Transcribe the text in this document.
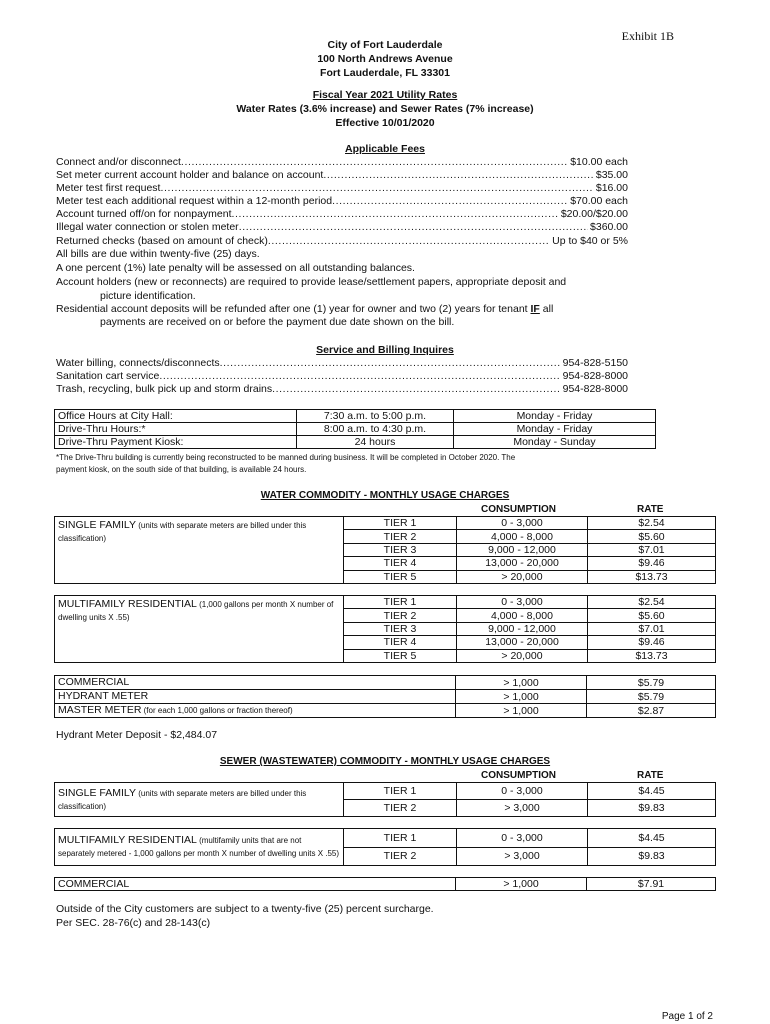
Exhibit 1B
City of Fort Lauderdale
100 North Andrews Avenue
Fort Lauderdale, FL 33301
Fiscal Year 2021 Utility Rates
Water Rates (3.6% increase) and Sewer Rates (7% increase)
Effective 10/01/2020
Applicable Fees
Connect and/or disconnect .....	$10.00 each
Set meter current account holder and balance on account .....	$35.00
Meter test first request .....	$16.00
Meter test each additional request within a 12-month period .....	$70.00 each
Account turned off/on for nonpayment .....	$20.00/$20.00
Illegal water connection or stolen meter .....	$360.00
Returned checks (based on amount of check) .....	Up to $40 or 5%
All bills are due within twenty-five (25) days.
A one percent (1%) late penalty will be assessed on all outstanding balances.
Account holders (new or reconnects) are required to provide lease/settlement papers, appropriate deposit and
picture identification.
Residential account deposits will be refunded after one (1) year for owner and two (2) years for tenant IF all
payments are received on or before the payment due date shown on the bill.
Service and Billing Inquires
Water billing, connects/disconnects .....	954-828-5150
Sanitation cart service .....	954-828-8000
Trash, recycling, bulk pick up and storm drains .....	954-828-8000
Office Hours at City Hall:	7:30 a.m. to 5:00 p.m.	Monday - Friday
Drive-Thru Hours:*	8:00 a.m. to 4:30 p.m.	Monday - Friday
Drive-Thru Payment Kiosk:	24 hours	Monday - Sunday
*The Drive-Thru building is currently being reconstructed to be manned during business. It will be completed in October 2020. The
payment kiosk, on the south side of that building, is available 24 hours.
WATER COMMODITY - MONTHLY USAGE CHARGES
CONSUMPTION	RATE
SINGLE FAMILY (units with separate meters are billed under this classification)	TIER 1	0 - 3,000	$2.54
	TIER 2	4,000 - 8,000	$5.60
	TIER 3	9,000 - 12,000	$7.01
	TIER 4	13,000 - 20,000	$9.46
	TIER 5	> 20,000	$13.73
MULTIFAMILY RESIDENTIAL (1,000 gallons per month X number of dwelling units X .55)	TIER 1	0 - 3,000	$2.54
	TIER 2	4,000 - 8,000	$5.60
	TIER 3	9,000 - 12,000	$7.01
	TIER 4	13,000 - 20,000	$9.46
	TIER 5	> 20,000	$13.73
COMMERCIAL	> 1,000	$5.79
HYDRANT METER	> 1,000	$5.79
MASTER METER (for each 1,000 gallons or fraction thereof)	> 1,000	$2.87
Hydrant Meter Deposit - $2,484.07
SEWER (WASTEWATER) COMMODITY - MONTHLY USAGE CHARGES
CONSUMPTION	RATE
SINGLE FAMILY (units with separate meters are billed under this classification)	TIER 1	0 - 3,000	$4.45
	TIER 2	> 3,000	$9.83
MULTIFAMILY RESIDENTIAL (multifamily units that are not separately metered - 1,000 gallons per month X number of dwelling units X .55)	TIER 1	0 - 3,000	$4.45
	TIER 2	> 3,000	$9.83
COMMERCIAL	> 1,000	$7.91
Outside of the City customers are subject to a twenty-five (25) percent surcharge.
Per SEC. 28-76(c) and 28-143(c)
Page 1 of 2
